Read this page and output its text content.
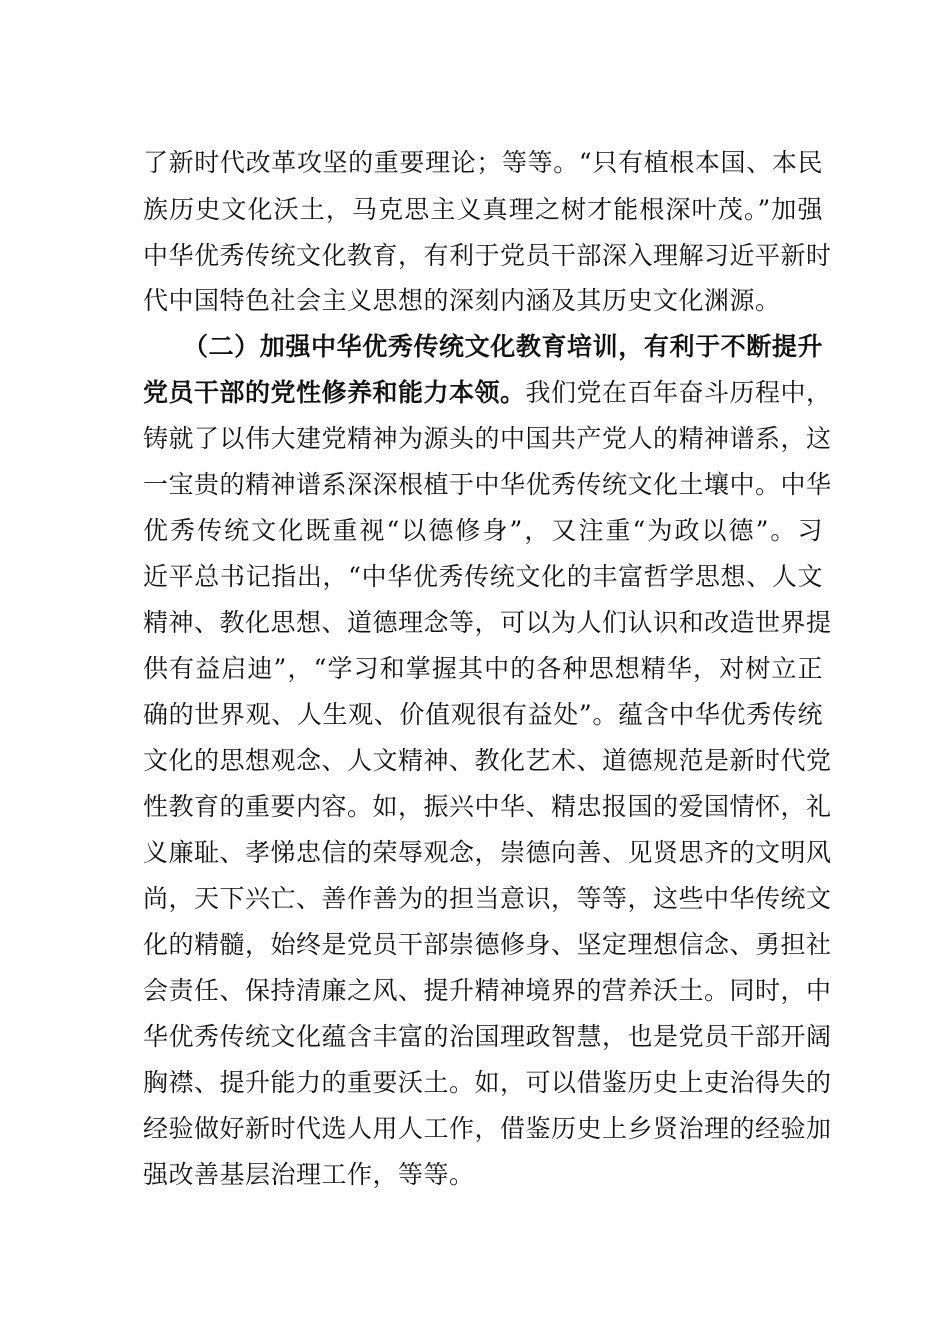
了新时代改革攻坚的重要理论；等等。“只有植根本国、本民

族历史文化沃土，马克思主义真理之树才能根深叶茂。”加强

中华优秀传统文化教育，有利于党员干部深入理解习近平新时

代中国特色社会主义思想的深刻内涵及其历史文化渊源。

（二）加强中华优秀传统文化教育培训，有利于不断提升

党员干部的党性修养和能力本领。我们党在百年奋斗历程中，

铸就了以伟大建党精神为源头的中国共产党人的精神谱系，这

一宝贵的精神谱系深深根植于中华优秀传统文化土壤中。中华

优秀传统文化既重视“以德修身”，又注重“为政以德”。习

近平总书记指出，“中华优秀传统文化的丰富哲学思想、人文

精神、教化思想、道德理念等，可以为人们认识和改造世界提

供有益启迪”，“学习和掌握其中的各种思想精华，对树立正

确的世界观、人生观、价值观很有益处”。蕴含中华优秀传统

文化的思想观念、人文精神、教化艺术、道德规范是新时代党

性教育的重要内容。如，振兴中华、精忠报国的爱国情怀，礼

义廉耻、孝悌忠信的荣辱观念，崇德向善、见贤思齐的文明风

尚，天下兴亡、善作善为的担当意识，等等，这些中华传统文

化的精髓，始终是党员干部崇德修身、坚定理想信念、勇担社

会责任、保持清廉之风、提升精神境界的营养沃土。同时，中

华优秀传统文化蕴含丰富的治国理政智慧，也是党员干部开阔

胸襟、提升能力的重要沃土。如，可以借鉴历史上吏治得失的

经验做好新时代选人用人工作，借鉴历史上乡贤治理的经验加

强改善基层治理工作，等等。
